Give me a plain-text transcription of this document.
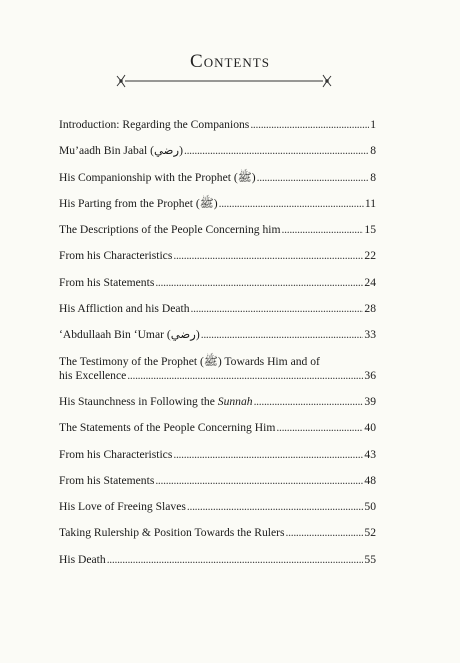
Contents
Introduction: Regarding the Companions . . .	1
Mu’aadh Bin Jabal (رضي) . . .	8
His Companionship with the Prophet (ﷺ) . . .	8
His Parting from the Prophet (ﷺ) . . .	11
The Descriptions of the People Concerning him . . .	15
From his Characteristics . . .	22
From his Statements . . .	24
His Affliction and his Death . . .	28
‘Abdullaah Bin ‘Umar (رضي) . . .	33
The Testimony of the Prophet (ﷺ) Towards Him and of
his Excellence . . .	36
His Staunchness in Following the Sunnah . . .	39
The Statements of the People Concerning Him . . .	40
From his Characteristics . . .	43
From his Statements . . .	48
His Love of Freeing Slaves . . .	50
Taking Rulership & Position Towards the Rulers . . .	52
His Death . . .	55
